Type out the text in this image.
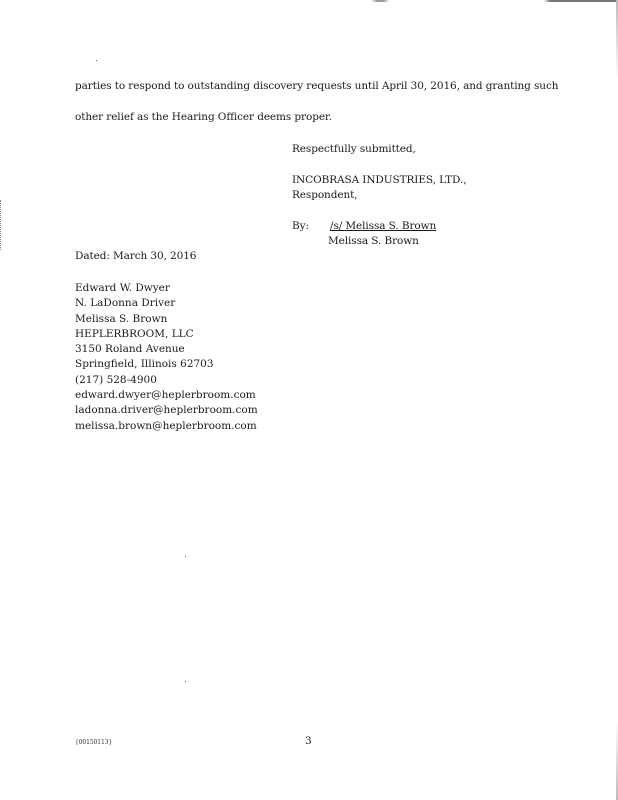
parties to respond to outstanding discovery requests until April 30, 2016, and granting such
other relief as the Hearing Officer deems proper.
Respectfully submitted,
INCOBRASA INDUSTRIES, LTD.,
Respondent,
By:	/s/ Melissa S. Brown
Melissa S. Brown
Dated: March 30, 2016
Edward W. Dwyer
N. LaDonna Driver
Melissa S. Brown
HEPLERBROOM, LLC
3150 Roland Avenue
Springfield, Illinois 62703
(217) 528-4900
edward.dwyer@heplerbroom.com
ladonna.driver@heplerbroom.com
melissa.brown@heplerbroom.com
{00150113}	3
